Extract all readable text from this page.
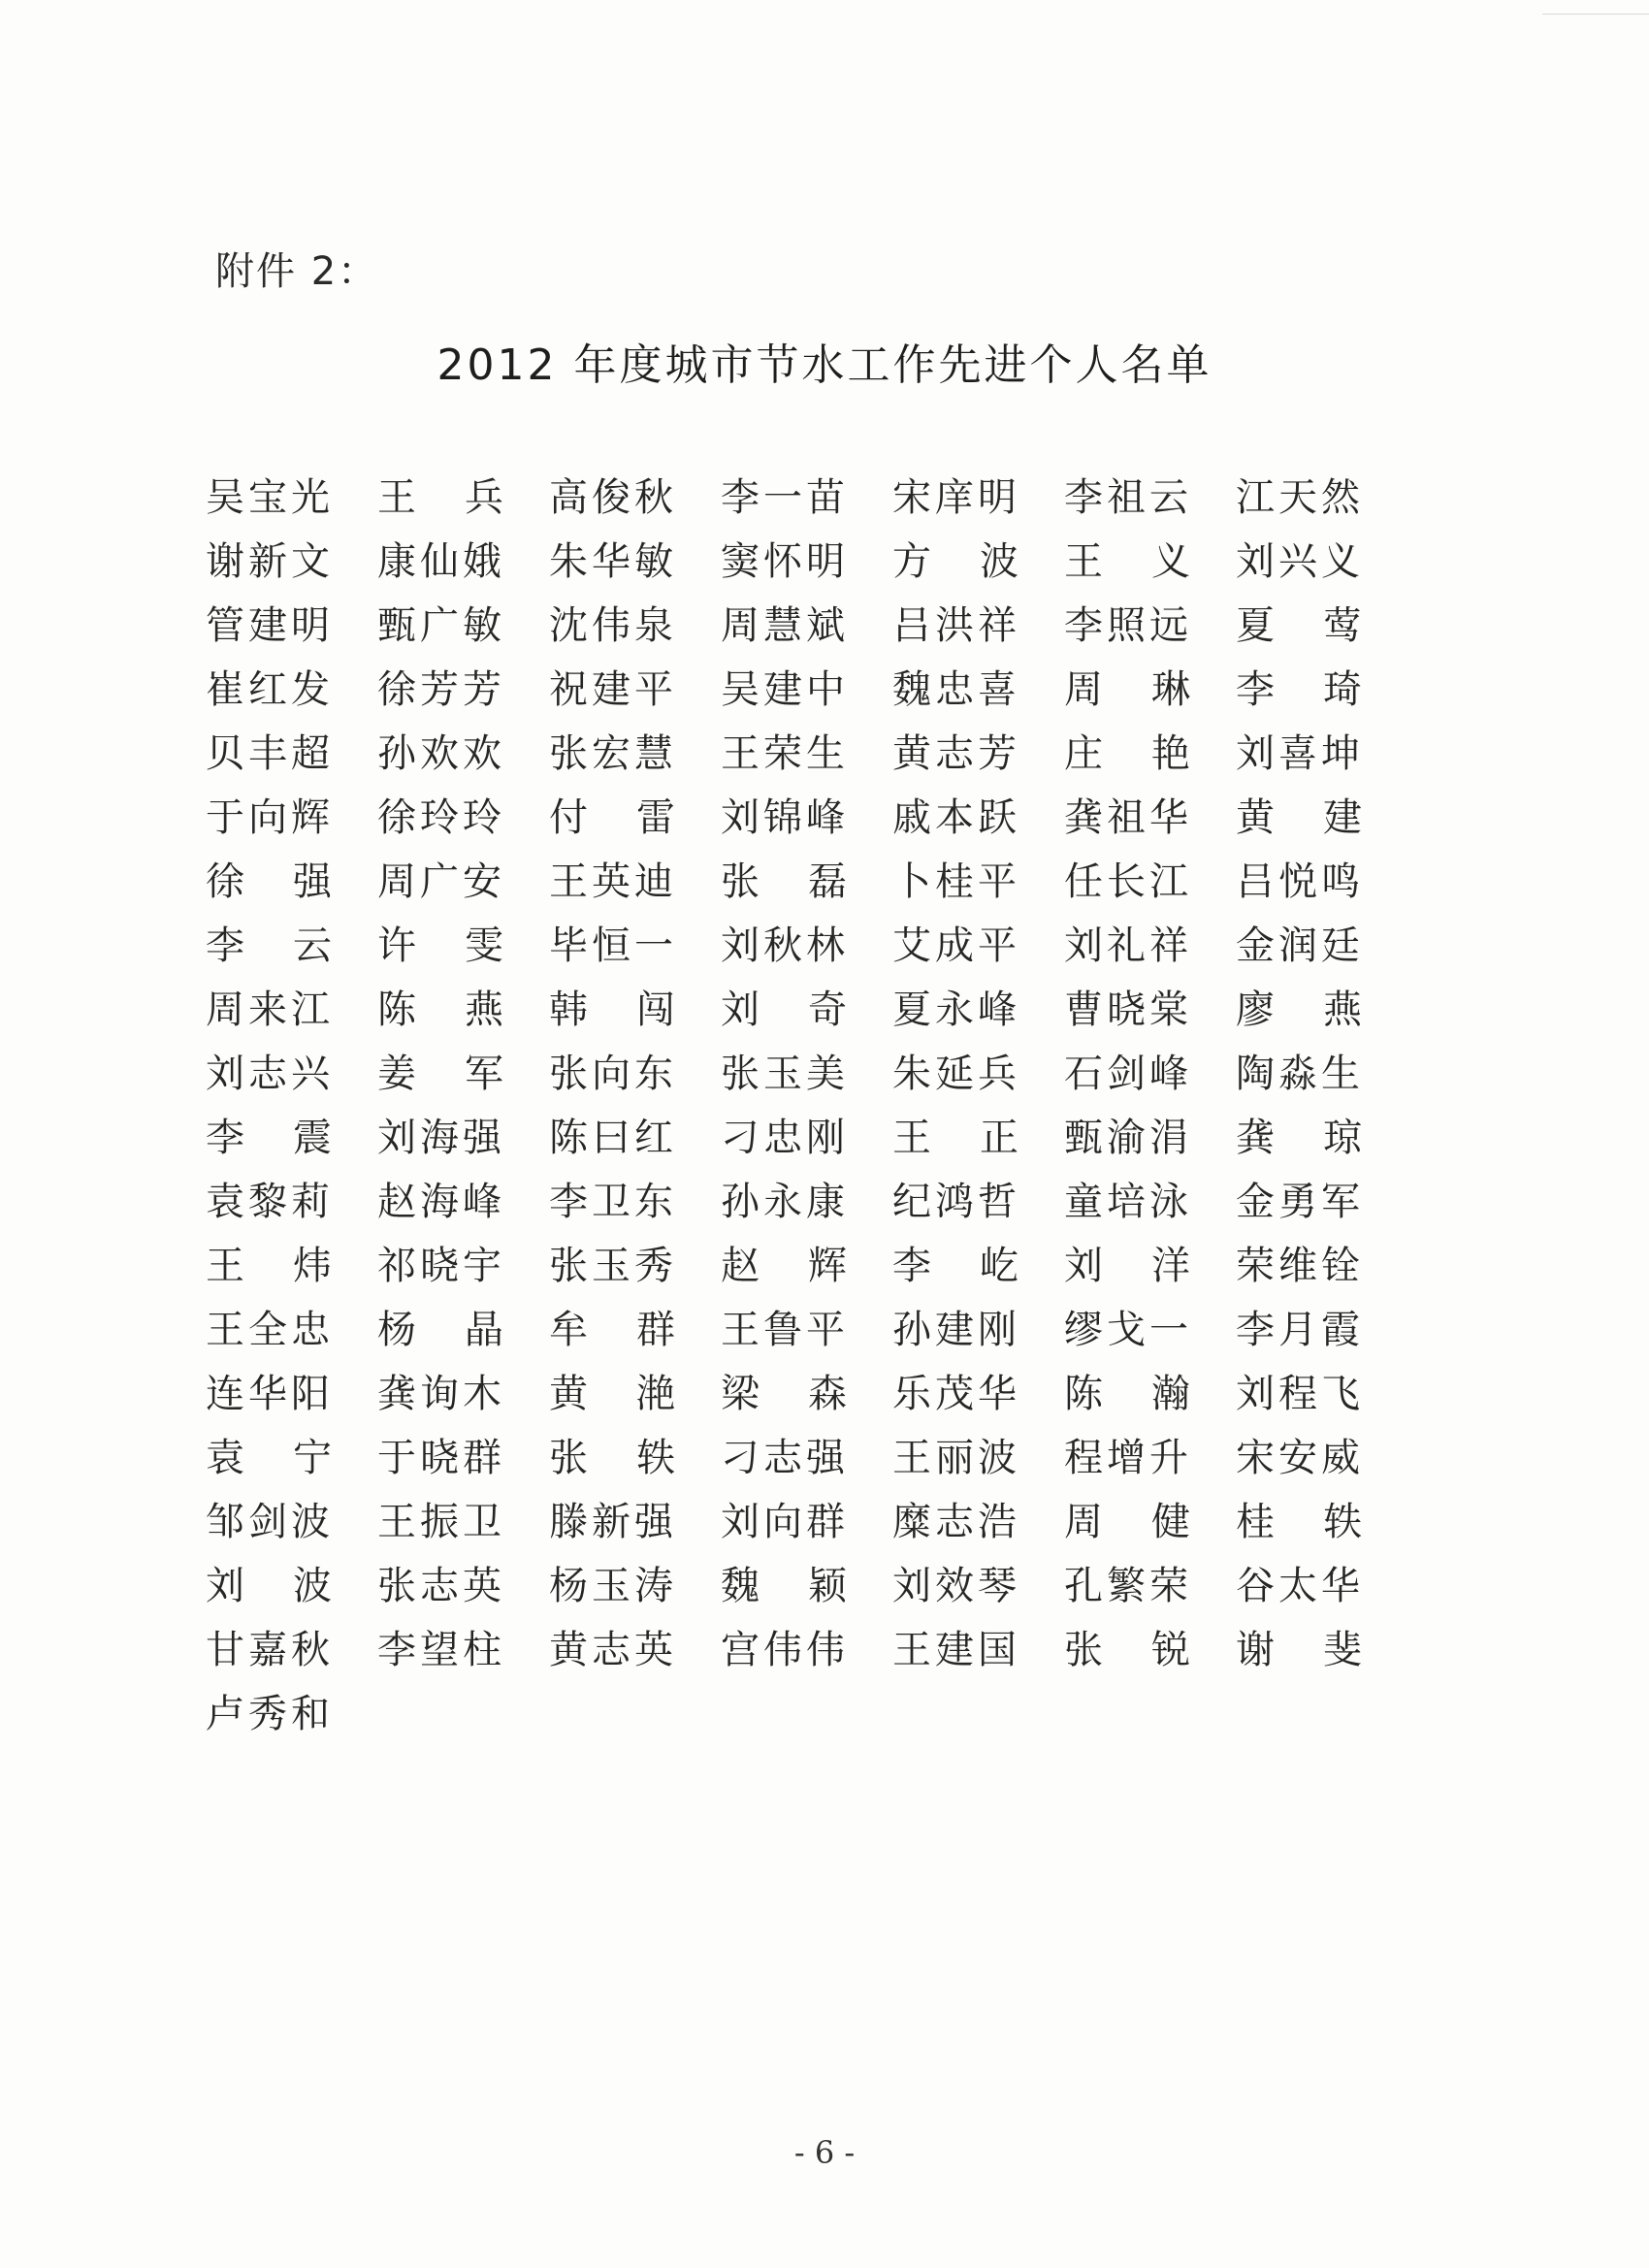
附件 2：
2012 年度城市节水工作先进个人名单
吴宝光	王 兵	高俊秋	李一苗	宋庠明	李祖云	江天然
谢新文	康仙娥	朱华敏	窦怀明	方 波	王 义	刘兴义
管建明	甄广敏	沈伟泉	周慧斌	吕洪祥	李照远	夏 莺
崔红发	徐芳芳	祝建平	吴建中	魏忠喜	周 琳	李 琦
贝丰超	孙欢欢	张宏慧	王荣生	黄志芳	庄 艳	刘喜坤
于向辉	徐玲玲	付 雷	刘锦峰	戚本跃	龚祖华	黄 建
徐 强	周广安	王英迪	张 磊	卜桂平	任长江	吕悦鸣
李 云	许 雯	毕恒一	刘秋林	艾成平	刘礼祥	金润廷
周来江	陈 燕	韩 闯	刘 奇	夏永峰	曹晓棠	廖 燕
刘志兴	姜 军	张向东	张玉美	朱延兵	石剑峰	陶淼生
李 震	刘海强	陈曰红	刁忠刚	王 正	甄渝涓	龚 琼
袁黎莉	赵海峰	李卫东	孙永康	纪鸿哲	童培泳	金勇军
王 炜	祁晓宇	张玉秀	赵 辉	李 屹	刘 洋	荣维铨
王全忠	杨 晶	牟 群	王鲁平	孙建刚	缪戈一	李月霞
连华阳	龚询木	黄 滟	梁 森	乐茂华	陈 瀚	刘程飞
袁 宁	于晓群	张 轶	刁志强	王丽波	程增升	宋安威
邹剑波	王振卫	滕新强	刘向群	糜志浩	周 健	桂 轶
刘 波	张志英	杨玉涛	魏 颖	刘效琴	孔繁荣	谷太华
甘嘉秋	李望柱	黄志英	宫伟伟	王建国	张 锐	谢 斐
卢秀和
- 6 -
